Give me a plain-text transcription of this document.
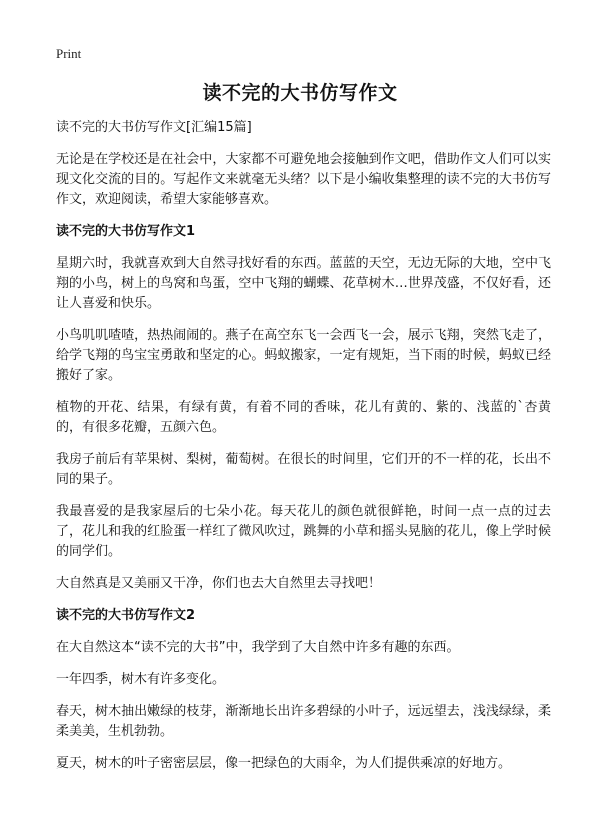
Print
读不完的大书仿写作文

读不完的大书仿写作文[汇编15篇]

无论是在学校还是在社会中，大家都不可避免地会接触到作文吧，借助作文人们可以实现文化交流的目的。写起作文来就毫无头绪？以下是小编收集整理的读不完的大书仿写作文，欢迎阅读，希望大家能够喜欢。

读不完的大书仿写作文1

星期六时，我就喜欢到大自然寻找好看的东西。蓝蓝的天空，无边无际的大地，空中飞翔的小鸟，树上的鸟窝和鸟蛋，空中飞翔的蝴蝶、花草树木…世界茂盛，不仅好看，还让人喜爱和快乐。

小鸟叽叽喳喳，热热闹闹的。燕子在高空东飞一会西飞一会，展示飞翔，突然飞走了，给学飞翔的鸟宝宝勇敢和坚定的心。蚂蚁搬家，一定有规矩，当下雨的时候，蚂蚁已经搬好了家。

植物的开花、结果，有绿有黄，有着不同的香味，花儿有黄的、紫的、浅蓝的`杏黄的，有很多花瓣，五颜六色。

我房子前后有苹果树、梨树，葡萄树。在很长的时间里，它们开的不一样的花，长出不同的果子。

我最喜爱的是我家屋后的七朵小花。每天花儿的颜色就很鲜艳，时间一点一点的过去了，花儿和我的红脸蛋一样红了微风吹过，跳舞的小草和摇头晃脑的花儿，像上学时候的同学们。

大自然真是又美丽又干净，你们也去大自然里去寻找吧！

读不完的大书仿写作文2

在大自然这本“读不完的大书”中，我学到了大自然中许多有趣的东西。

一年四季，树木有许多变化。

春天，树木抽出嫩绿的枝芽，渐渐地长出许多碧绿的小叶子，远远望去，浅浅绿绿，柔柔美美，生机勃勃。

夏天，树木的叶子密密层层，像一把绿色的大雨伞，为人们提供乘凉的好地方。
